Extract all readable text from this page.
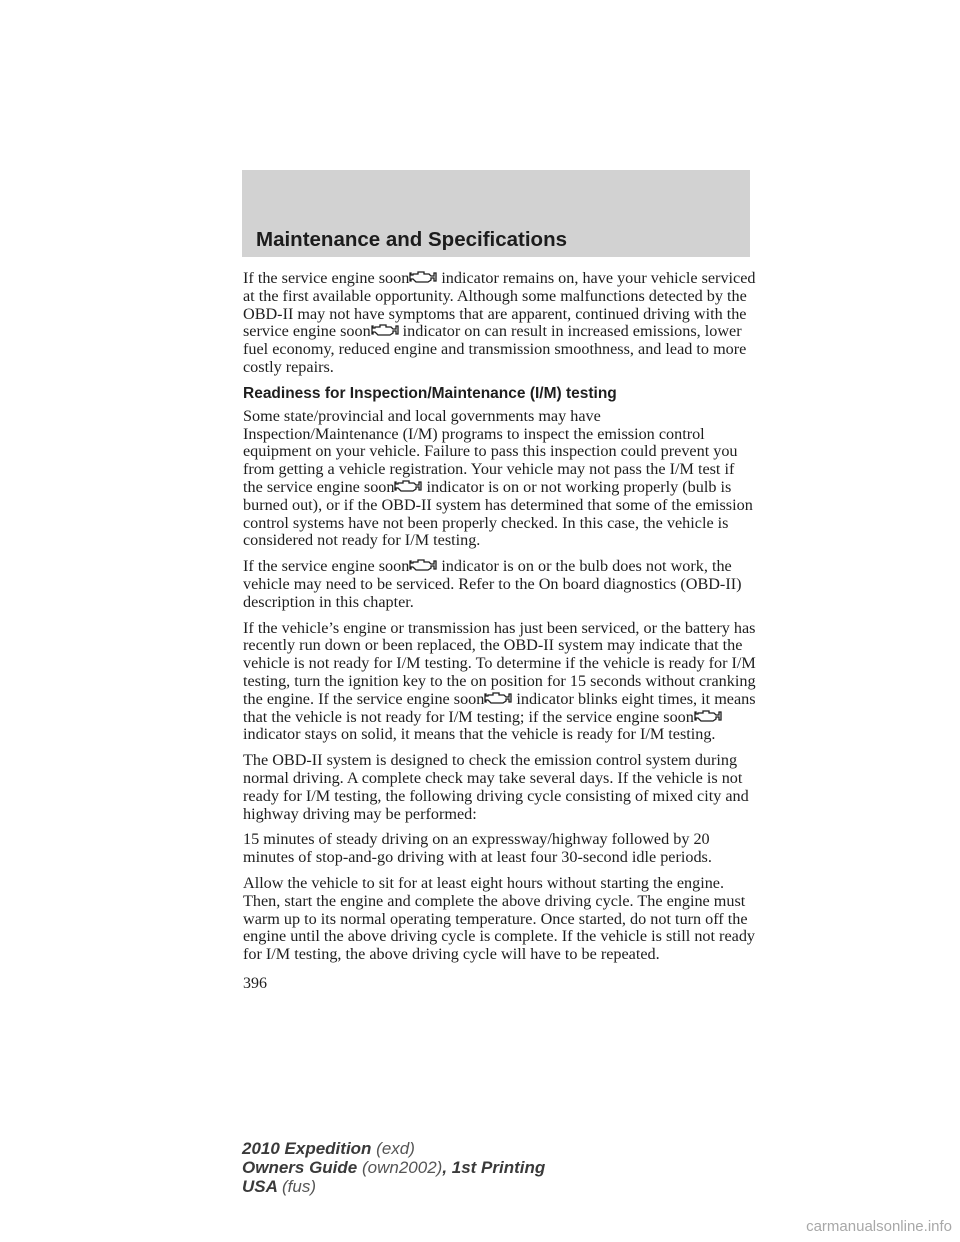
Maintenance and Specifications

If the service engine soon indicator remains on, have your vehicle serviced at the first available opportunity. Although some malfunctions detected by the OBD-II may not have symptoms that are apparent, continued driving with the service engine soon indicator on can result in increased emissions, lower fuel economy, reduced engine and transmission smoothness, and lead to more costly repairs.

Readiness for Inspection/Maintenance (I/M) testing

Some state/provincial and local governments may have Inspection/Maintenance (I/M) programs to inspect the emission control equipment on your vehicle. Failure to pass this inspection could prevent you from getting a vehicle registration. Your vehicle may not pass the I/M test if the service engine soon indicator is on or not working properly (bulb is burned out), or if the OBD-II system has determined that some of the emission control systems have not been properly checked. In this case, the vehicle is considered not ready for I/M testing.

If the service engine soon indicator is on or the bulb does not work, the vehicle may need to be serviced. Refer to the On board diagnostics (OBD-II) description in this chapter.

If the vehicle’s engine or transmission has just been serviced, or the battery has recently run down or been replaced, the OBD-II system may indicate that the vehicle is not ready for I/M testing. To determine if the vehicle is ready for I/M testing, turn the ignition key to the on position for 15 seconds without cranking the engine. If the service engine soon indicator blinks eight times, it means that the vehicle is not ready for I/M testing; if the service engine soon
indicator stays on solid, it means that the vehicle is ready for I/M testing.

The OBD-II system is designed to check the emission control system during normal driving. A complete check may take several days. If the vehicle is not ready for I/M testing, the following driving cycle consisting of mixed city and highway driving may be performed:

15 minutes of steady driving on an expressway/highway followed by 20 minutes of stop-and-go driving with at least four 30-second idle periods.

Allow the vehicle to sit for at least eight hours without starting the engine. Then, start the engine and complete the above driving cycle. The engine must warm up to its normal operating temperature. Once started, do not turn off the engine until the above driving cycle is complete. If the vehicle is still not ready for I/M testing, the above driving cycle will have to be repeated.

396
2010 Expedition (exd)
Owners Guide (own2002), 1st Printing
USA (fus)
carmanualsonline.info
